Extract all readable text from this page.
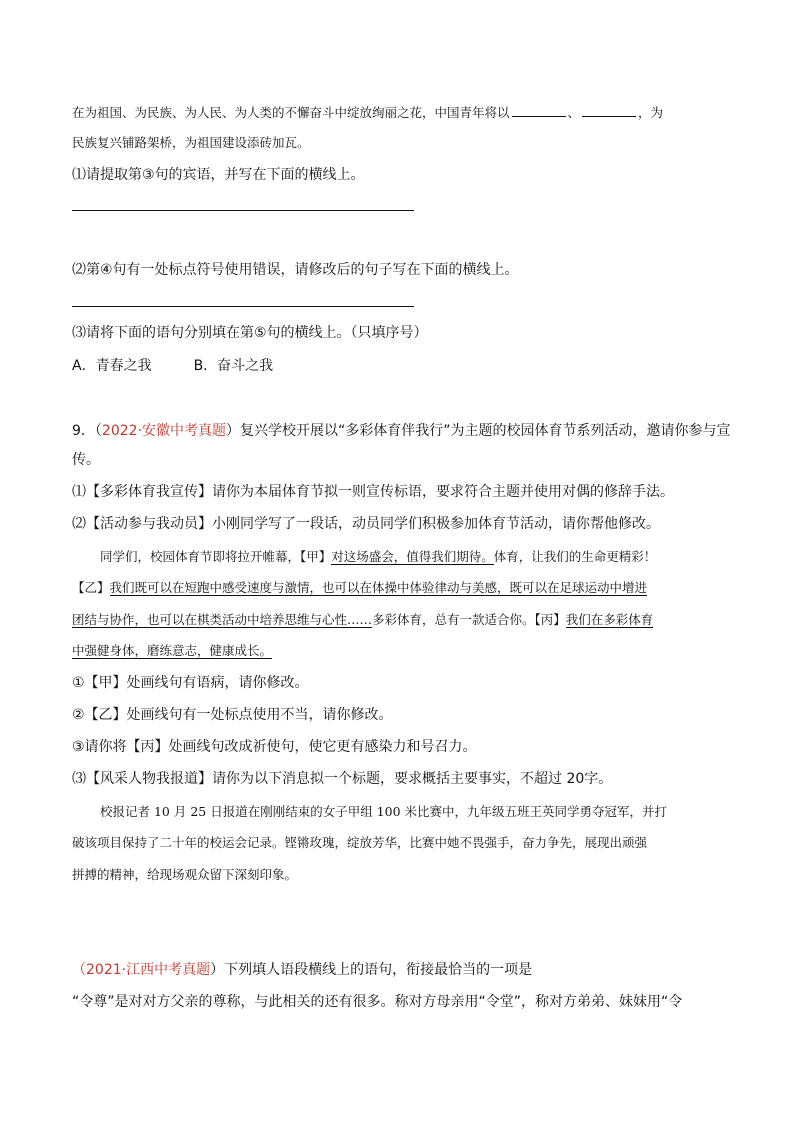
在为祖国、为民族、为人民、为人类的不懈奋斗中绽放绚丽之花，中国青年将以	、	，为
民族复兴铺路架桥，为祖国建设添砖加瓦。
⑴请提取第③句的宾语，并写在下面的横线上。
⑵第④句有一处标点符号使用错误，请修改后的句子写在下面的横线上。
⑶请将下面的语句分别填在第⑤句的横线上。（只填序号）
A．青春之我	B．奋斗之我
9．（2022·安徽中考真题）复兴学校开展以“多彩体育伴我行”为主题的校园体育节系列活动，邀请你参与宣
传。
⑴【多彩体育我宣传】请你为本届体育节拟一则宣传标语，要求符合主题并使用对偶的修辞手法。
⑵【活动参与我动员】小刚同学写了一段话，动员同学们积极参加体育节活动，请你帮他修改。
同学们，校园体育节即将拉开帷幕，【甲】对这场盛会，值得我们期待。体育，让我们的生命更精彩！
【乙】我们既可以在短跑中感受速度与激情，也可以在体操中体验律动与美感，既可以在足球运动中增进
团结与协作，也可以在棋类活动中培养思维与心性……多彩体育，总有一款适合你。【丙】我们在多彩体育
中强健身体，磨练意志，健康成长。
①【甲】处画线句有语病，请你修改。
②【乙】处画线句有一处标点使用不当，请你修改。
③请你将【丙】处画线句改成祈使句，使它更有感染力和号召力。
⑶【风采人物我报道】请你为以下消息拟一个标题，要求概括主要事实，不超过 20字。
校报记者 10 月 25 日报道在刚刚结束的女子甲组 100 米比赛中，九年级五班王英同学勇夺冠军，并打
破该项目保持了二十年的校运会记录。铿锵玫瑰，绽放芳华，比赛中她不畏强手，奋力争先，展现出顽强
拼搏的精神，给现场观众留下深刻印象。
（2021·江西中考真题）下列填人语段横线上的语句，衔接最恰当的一项是
“令尊”是对对方父亲的尊称，与此相关的还有很多。称对方母亲用“令堂”，称对方弟弟、妹妹用“令
